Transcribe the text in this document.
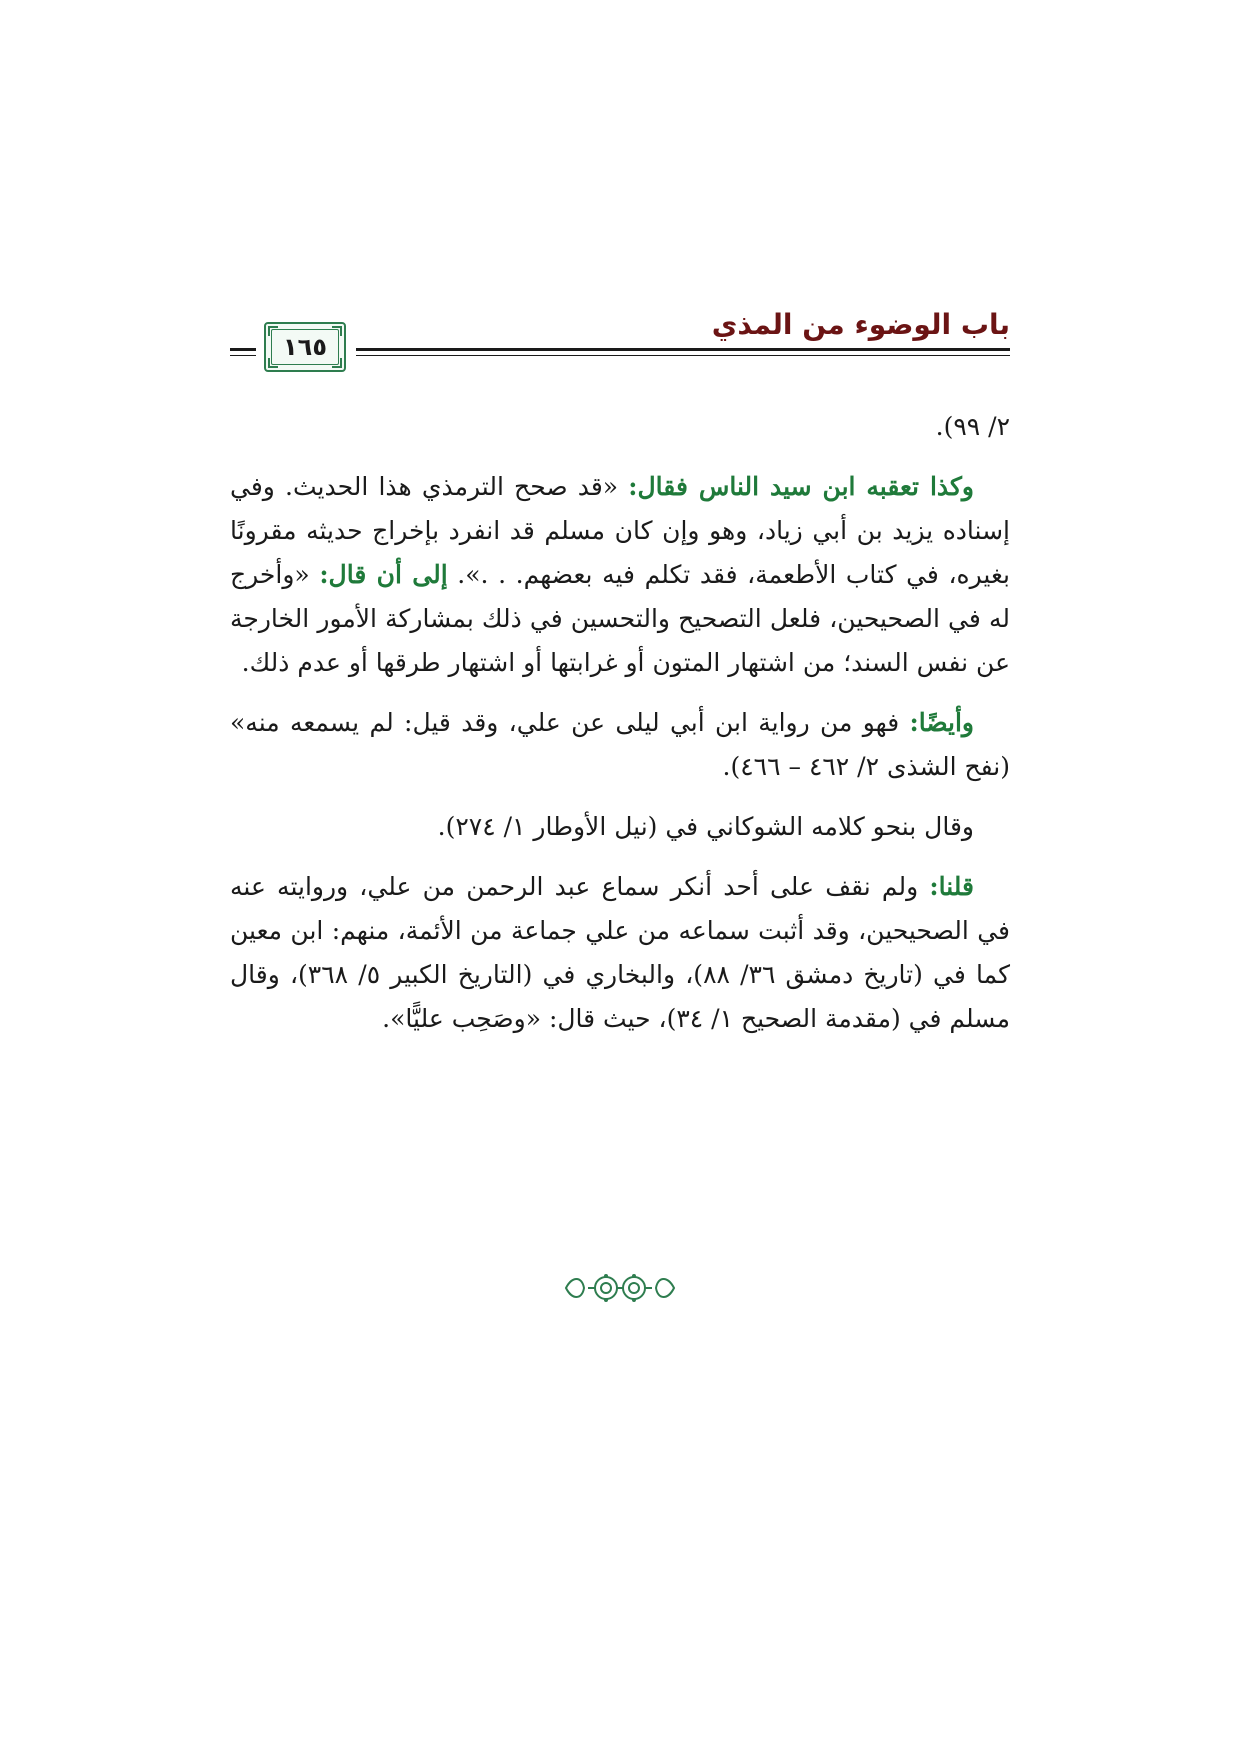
باب الوضوء من المذي
١٦٥

٢/ ٩٩).

وكذا تعقبه ابن سيد الناس فقال: «قد صحح الترمذي هذا الحديث. وفي إسناده يزيد بن أبي زياد، وهو وإن كان مسلم قد انفرد بإخراج حديثه مقرونًا بغيره، في كتاب الأطعمة، فقد تكلم فيه بعضهم. . .». إلى أن قال: «وأخرج له في الصحيحين، فلعل التصحيح والتحسين في ذلك بمشاركة الأمور الخارجة عن نفس السند؛ من اشتهار المتون أو غرابتها أو اشتهار طرقها أو عدم ذلك.

وأيضًا: فهو من رواية ابن أبي ليلى عن علي، وقد قيل: لم يسمعه منه» (نفح الشذى ٢/ ٤٦٢ – ٤٦٦).

وقال بنحو كلامه الشوكاني في (نيل الأوطار ١/ ٢٧٤).

قلنا: ولم نقف على أحد أنكر سماع عبد الرحمن من علي، وروايته عنه في الصحيحين، وقد أثبت سماعه من علي جماعة من الأئمة، منهم: ابن معين كما في (تاريخ دمشق ٣٦/ ٨٨)، والبخاري في (التاريخ الكبير ٥/ ٣٦٨)، وقال مسلم في (مقدمة الصحيح ١/ ٣٤)، حيث قال: «وصَحِب عليًّا».
